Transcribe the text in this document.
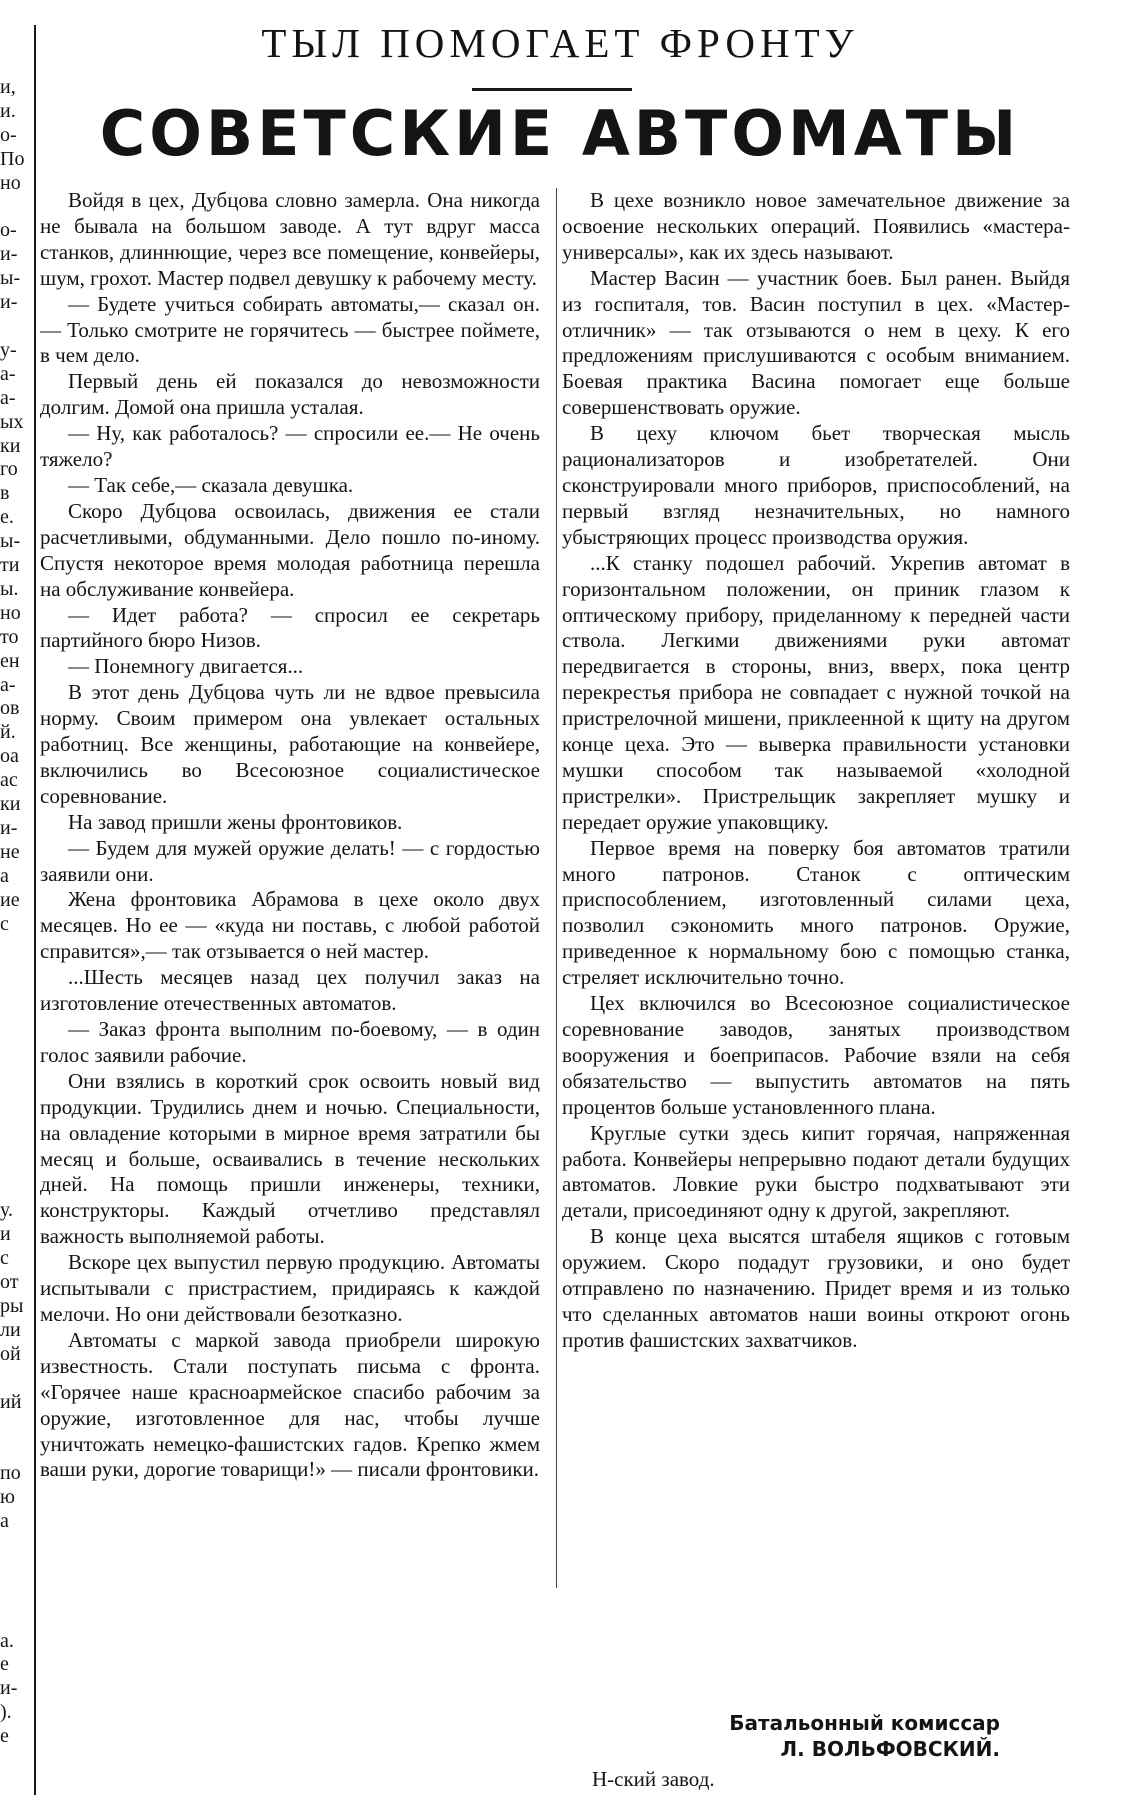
и,
и.
о-
По
но
о-
и-
ы-
и-
у-
а-
а-
ых
ки
го
в
е.
ы-
ти
ы.
но
то
ен
а-
ов
й.
оа
ас
ки
и-
не
а
ие
с
у.
и
с
от
ры
ли
ой
ий
по
ю
а
а.
е
и-
).
е
ТЫЛ ПОМОГАЕТ ФРОНТУ
СОВЕТСКИЕ АВТОМАТЫ

Войдя в цех, Дубцова словно замерла. Она никогда не бывала на большом заводе. А тут вдруг масса станков, длиннющие, через все помещение, конвейеры, шум, грохот. Мастер подвел девушку к рабочему месту.

— Будете учиться собирать автоматы,— сказал он.— Только смотрите не горячитесь — быстрее поймете, в чем дело.

Первый день ей показался до невозможности долгим. Домой она пришла усталая.

— Ну, как работалось? — спросили ее.— Не очень тяжело?

— Так себе,— сказала девушка.

Скоро Дубцова освоилась, движения ее стали расчетливыми, обдуманными. Дело пошло по-иному. Спустя некоторое время молодая работница перешла на обслуживание конвейера.

— Идет работа? — спросил ее секретарь партийного бюро Низов.

— Понемногу двигается...

В этот день Дубцова чуть ли не вдвое превысила норму. Своим примером она увлекает остальных работниц. Все женщины, работающие на конвейере, включились во Всесоюзное социалистическое соревнование.

На завод пришли жены фронтовиков.

— Будем для мужей оружие делать! — с гордостью заявили они.

Жена фронтовика Абрамова в цехе около двух месяцев. Но ее — «куда ни поставь, с любой работой справится»,— так отзывается о ней мастер.

...Шесть месяцев назад цех получил заказ на изготовление отечественных автоматов.

— Заказ фронта выполним по-боевому, — в один голос заявили рабочие.

Они взялись в короткий срок освоить новый вид продукции. Трудились днем и ночью. Специальности, на овладение которыми в мирное время затратили бы месяц и больше, осваивались в течение нескольких дней. На помощь пришли инженеры, техники, конструкторы. Каждый отчетливо представлял важность выполняемой работы.

Вскоре цех выпустил первую продукцию. Автоматы испытывали с пристрастием, придираясь к каждой мелочи. Но они действовали безотказно.

Автоматы с маркой завода приобрели широкую известность. Стали поступать письма с фронта. «Горячее наше красноармейское спасибо рабочим за оружие, изготовленное для нас, чтобы лучше уничтожать немецко-фашистских гадов. Крепко жмем ваши руки, дорогие товарищи!» — писали фронтовики.

В цехе возникло новое замечательное движение за освоение нескольких операций. Появились «мастера-универсалы», как их здесь называют.

Мастер Васин — участник боев. Был ранен. Выйдя из госпиталя, тов. Васин поступил в цех. «Мастер-отличник» — так отзываются о нем в цеху. К его предложениям прислушиваются с особым вниманием. Боевая практика Васина помогает еще больше совершенствовать оружие.

В цеху ключом бьет творческая мысль рационализаторов и изобретателей. Они сконструировали много приборов, приспособлений, на первый взгляд незначительных, но намного убыстряющих процесс производства оружия.

...К станку подошел рабочий. Укрепив автомат в горизонтальном положении, он приник глазом к оптическому прибору, приделанному к передней части ствола. Легкими движениями руки автомат передвигается в стороны, вниз, вверх, пока центр перекрестья прибора не совпадает с нужной точкой на пристрелочной мишени, приклеенной к щиту на другом конце цеха. Это — выверка правильности установки мушки способом так называемой «холодной пристрелки». Пристрельщик закрепляет мушку и передает оружие упаковщику.

Первое время на поверку боя автоматов тратили много патронов. Станок с оптическим приспособлением, изготовленный силами цеха, позволил сэкономить много патронов. Оружие, приведенное к нормальному бою с помощью станка, стреляет исключительно точно.

Цех включился во Всесоюзное социалистическое соревнование заводов, занятых производством вооружения и боеприпасов. Рабочие взяли на себя обязательство — выпустить автоматов на пять процентов больше установленного плана.

Круглые сутки здесь кипит горячая, напряженная работа. Конвейеры непрерывно подают детали будущих автоматов. Ловкие руки быстро подхватывают эти детали, присоединяют одну к другой, закрепляют.

В конце цеха высятся штабеля ящиков с готовым оружием. Скоро подадут грузовики, и оно будет отправлено по назначению. Придет время и из только что сделанных автоматов наши воины откроют огонь против фашистских захватчиков.

Батальонный комиссар
Л. ВОЛЬФОВСКИЙ.
Н-ский завод.
